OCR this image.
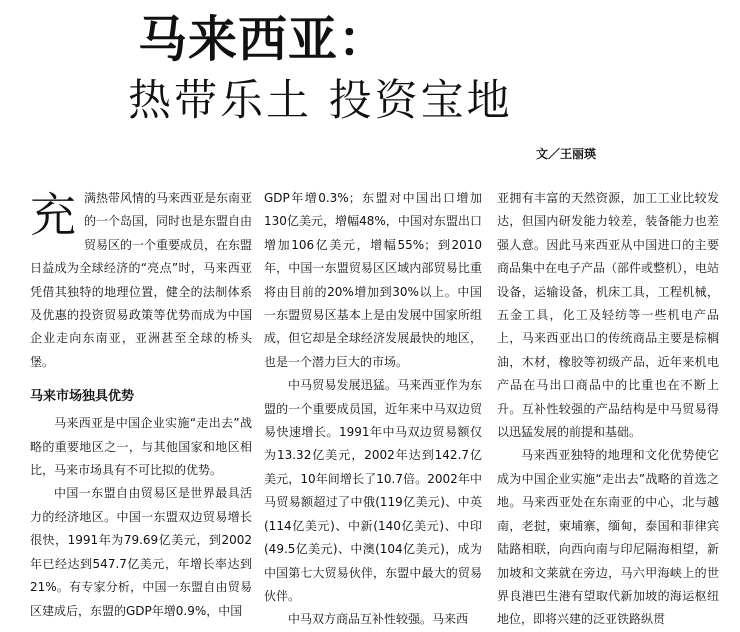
马来西亚：
热带乐土 投资宝地
文／王丽瑛
充 满热带风情的马来西亚是东南亚的一个岛国，同时也是东盟自由贸易区的一个重要成员，在东盟日益成为全球经济的“亮点”时，马来西亚凭借其独特的地理位置，健全的法制体系及优惠的投资贸易政策等优势而成为中国企业走向东南亚，亚洲甚至全球的桥头堡。

马来市场独具优势

马来西亚是中国企业实施“走出去”战略的重要地区之一，与其他国家和地区相比，马来市场具有不可比拟的优势。

中国一东盟自由贸易区是世界最具活力的经济地区。中国一东盟双边贸易增长很快，1991年为79.69亿美元，到2002年已经达到547.7亿美元，年增长率达到21%。有专家分析，中国一东盟自由贸易区建成后，东盟的GDP年增0.9%，中国

GDP年增0.3%；东盟对中国出口增加130亿美元，增幅48%，中国对东盟出口增加106亿美元，增幅55%；到2010年，中国一东盟贸易区区域内部贸易比重将由目前的20%增加到30%以上。中国一东盟贸易区基本上是由发展中国家所组成，但它却是全球经济发展最快的地区，也是一个潜力巨大的市场。

中马贸易发展迅猛。马来西亚作为东盟的一个重要成员国，近年来中马双边贸易快速增长。1991年中马双边贸易额仅为13.32亿美元，2002年达到142.7亿美元，10年间增长了10.7倍。2002年中马贸易额超过了中俄(119亿美元)、中英(114亿美元)、中新(140亿美元)、中印(49.5亿美元)、中澳(104亿美元)，成为中国第七大贸易伙伴，东盟中最大的贸易伙伴。

中马双方商品互补性较强。马来西

亚拥有丰富的天然资源，加工工业比较发达，但国内研发能力较差，装备能力也差强人意。因此马来西亚从中国进口的主要商品集中在电子产品（部件或整机），电站设备，运输设备，机床工具，工程机械，五金工具，化工及轻纺等一些机电产品上，马来西亚出口的传统商品主要是棕榈油，木材，橡胶等初级产品，近年来机电产品在马出口商品中的比重也在不断上升。互补性较强的产品结构是中马贸易得以迅猛发展的前提和基础。

马来西亚独特的地理和文化优势使它成为中国企业实施“走出去”战略的首选之地。马来西亚处在东南亚的中心，北与越南，老挝，柬埔寨，缅甸，泰国和菲律宾陆路相联，向西向南与印尼隔海相望，新加坡和文莱就在旁边，马六甲海峡上的世界良港巴生港有望取代新加坡的海运枢纽地位，即将兴建的泛亚铁路纵贯
